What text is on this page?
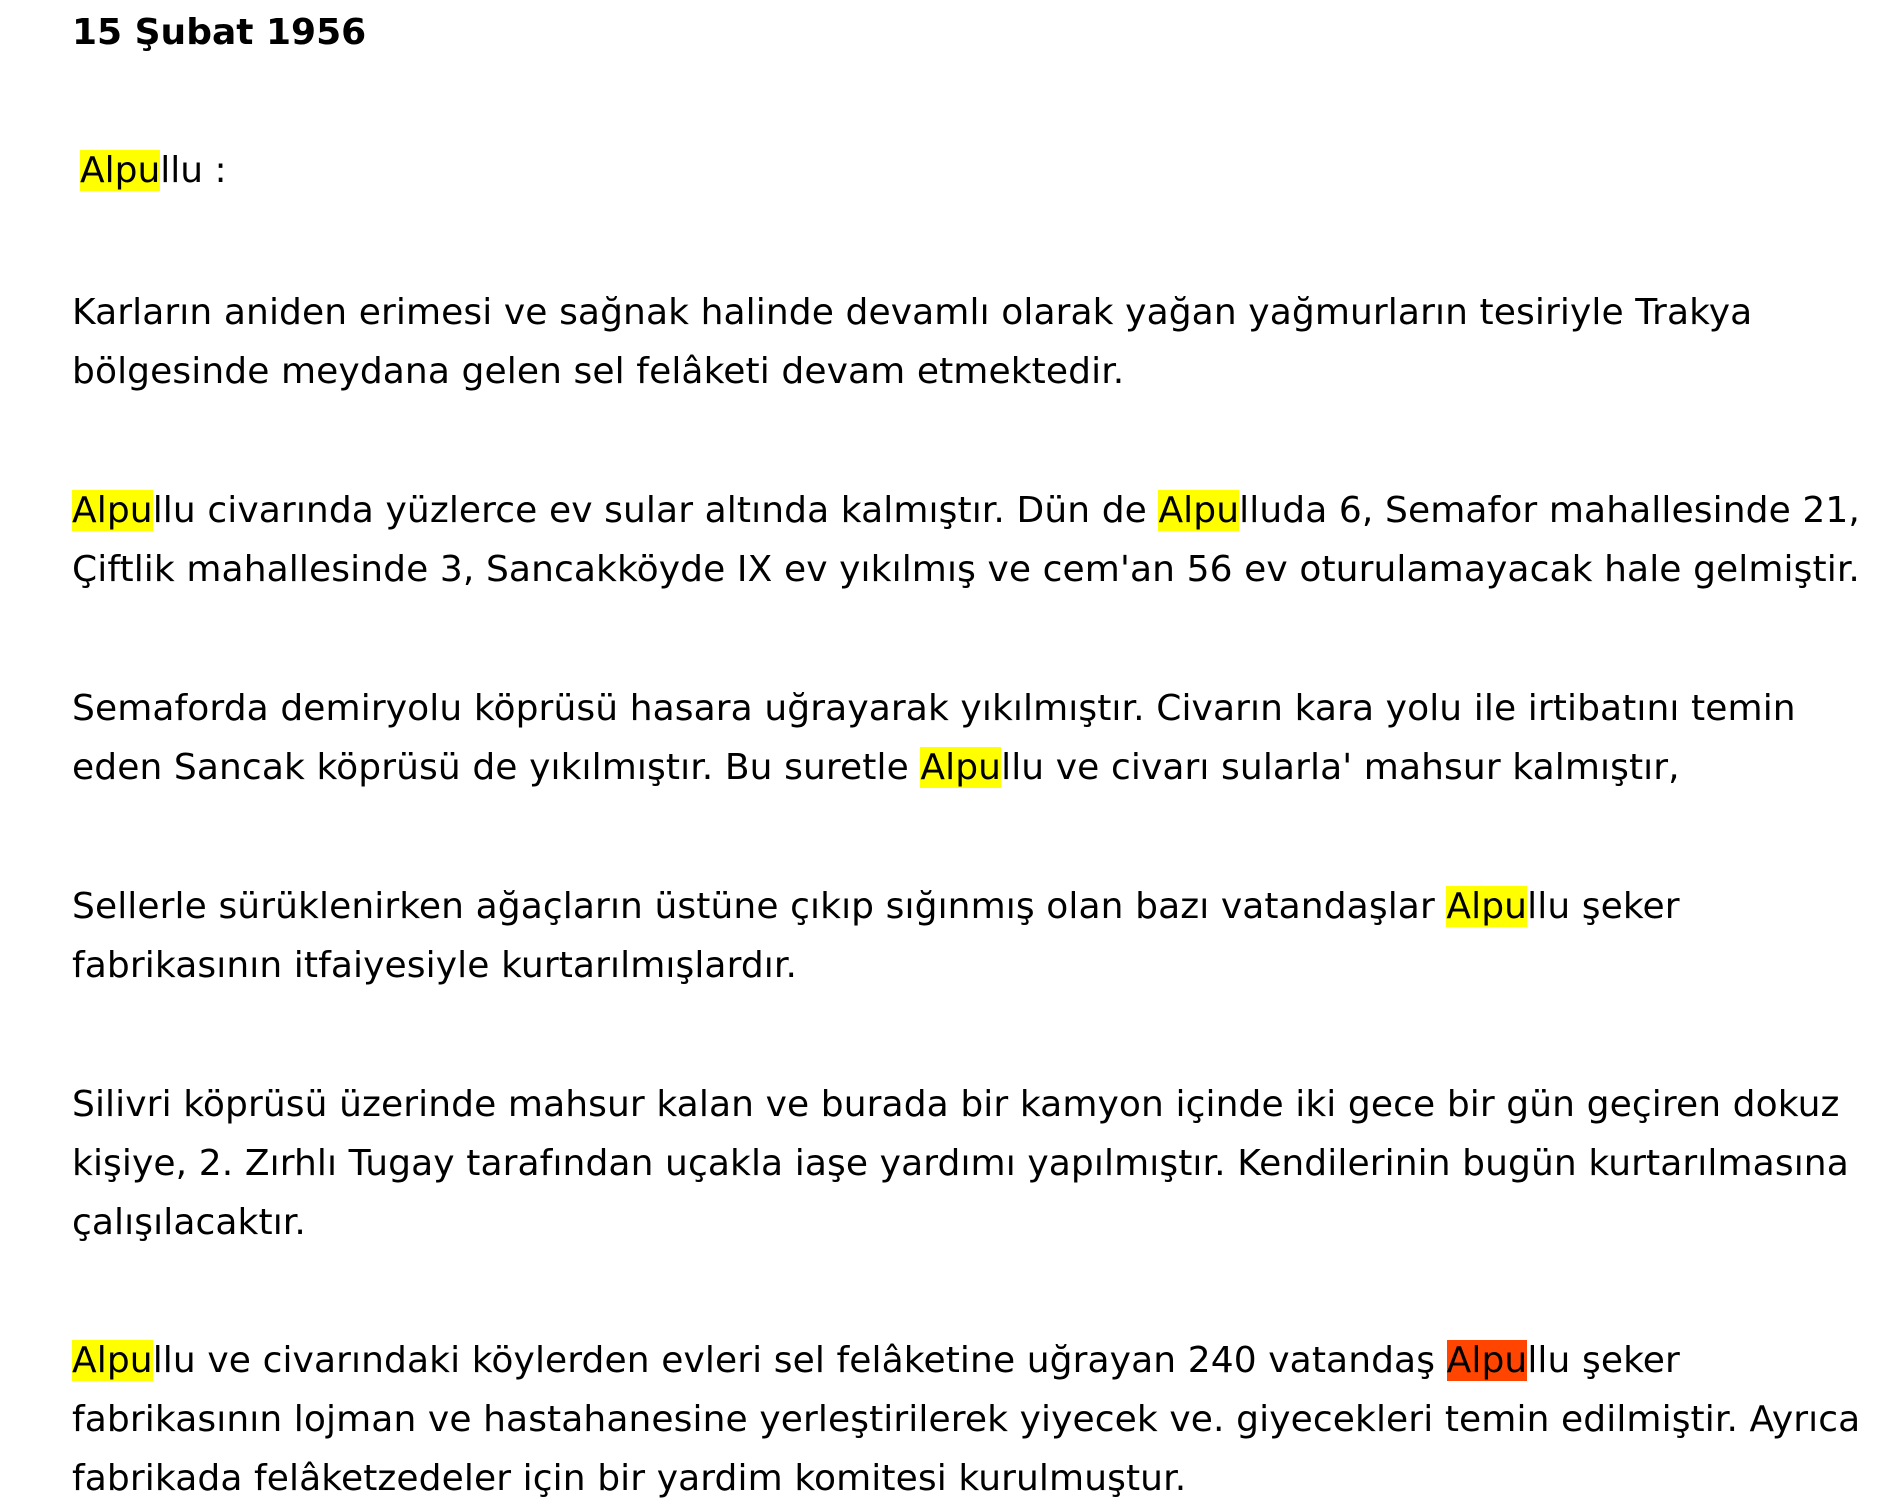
15 Şubat 1956
Alpullu :
Karların aniden erimesi ve sağnak halinde devamlı olarak yağan yağmurların tesiriyle Trakya
bölgesinde meydana gelen sel felâketi devam etmektedir.
Alpullu civarında yüzlerce ev sular altında kalmıştır. Dün de Alpulluda 6, Semafor mahallesinde 21,
Çiftlik mahallesinde 3, Sancakköyde IX ev yıkılmış ve cem'an 56 ev oturulamayacak hale gelmiştir.
Semaforda demiryolu köprüsü hasara uğrayarak yıkılmıştır. Civarın kara yolu ile irtibatını temin
eden Sancak köprüsü de yıkılmıştır. Bu suretle Alpullu ve civarı sularla' mahsur kalmıştır,
Sellerle sürüklenirken ağaçların üstüne çıkıp sığınmış olan bazı vatandaşlar Alpullu şeker
fabrikasının itfaiyesiyle kurtarılmışlardır.
Silivri köprüsü üzerinde mahsur kalan ve burada bir kamyon içinde iki gece bir gün geçiren dokuz
kişiye, 2. Zırhlı Tugay tarafından uçakla iaşe yardımı yapılmıştır. Kendilerinin bugün kurtarılmasına
çalışılacaktır.
Alpullu ve civarındaki köylerden evleri sel felâketine uğrayan 240 vatandaş Alpullu şeker
fabrikasının lojman ve hastahanesine yerleştirilerek yiyecek ve. giyecekleri temin edilmiştir. Ayrıca
fabrikada felâketzedeler için bir yardim komitesi kurulmuştur.
